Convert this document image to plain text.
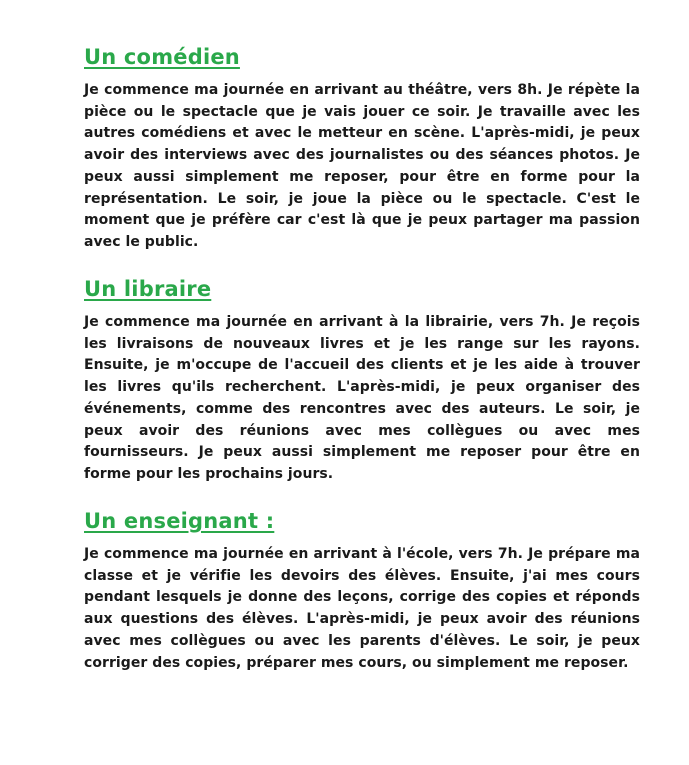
Un comédien

Je commence ma journée en arrivant au théâtre, vers 8h. Je répète la pièce ou le spectacle que je vais jouer ce soir. Je travaille avec les autres comédiens et avec le metteur en scène. L'après-midi, je peux avoir des interviews avec des journalistes ou des séances photos. Je peux aussi simplement me reposer, pour être en forme pour la représentation. Le soir, je joue la pièce ou le spectacle. C'est le moment que je préfère car c'est là que je peux partager ma passion avec le public.

Un libraire

Je commence ma journée en arrivant à la librairie, vers 7h. Je reçois les livraisons de nouveaux livres et je les range sur les rayons. Ensuite, je m'occupe de l'accueil des clients et je les aide à trouver les livres qu'ils recherchent. L'après-midi, je peux organiser des événements, comme des rencontres avec des auteurs. Le soir, je peux avoir des réunions avec mes collègues ou avec mes fournisseurs. Je peux aussi simplement me reposer pour être en forme pour les prochains jours.

Un enseignant :

Je commence ma journée en arrivant à l'école, vers 7h. Je prépare ma classe et je vérifie les devoirs des élèves. Ensuite, j'ai mes cours pendant lesquels je donne des leçons, corrige des copies et réponds aux questions des élèves. L'après-midi, je peux avoir des réunions avec mes collègues ou avec les parents d'élèves. Le soir, je peux corriger des copies, préparer mes cours, ou simplement me reposer.
